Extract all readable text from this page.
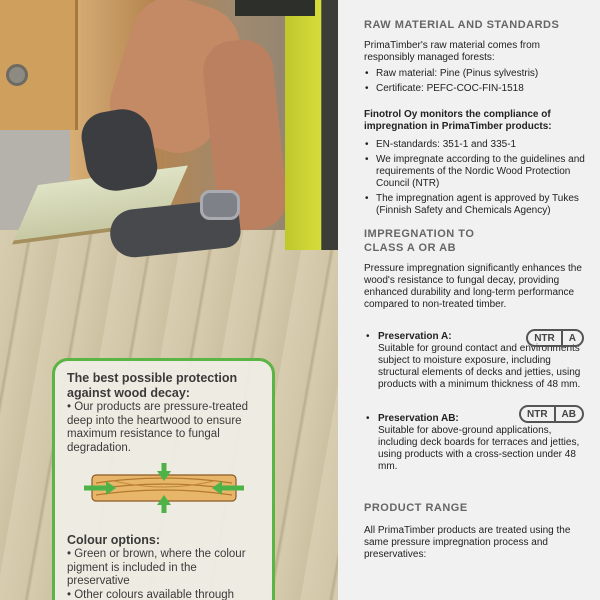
The best possible protection against wood decay:

• Our products are pressure-treated deep into the heartwood to ensure maximum resistance to fungal degradation.

Colour options:

• Green or brown, where the colour pigment is included in the preservative

• Other colours available through

RAW MATERIAL AND STANDARDS
PrimaTimber's raw material comes from responsibly managed forests:
• Raw material: Pine (Pinus sylvestris)
• Certificate: PEFC-COC-FIN-1518
Finotrol Oy monitors the compliance of impregnation in PrimaTimber products:
• EN-standards: 351-1 and 335-1
• We impregnate according to the guidelines and requirements of the Nordic Wood Protection Council (NTR)
• The impregnation agent is approved by Tukes (Finnish Safety and Chemicals Agency)
IMPREGNATION TO
CLASS A OR AB
Pressure impregnation significantly enhances the wood's resistance to fungal decay, providing enhanced durability and long-term performance compared to non-treated timber.
•	NTR	A
Preservation A:
Suitable for ground contact and environments subject to moisture exposure, including structural elements of decks and jetties, using products with a minimum thickness of 48 mm.
•	NTR	AB
Preservation AB:
Suitable for above-ground applications, including deck boards for terraces and jetties, using products with a cross-section under 48 mm.
PRODUCT RANGE
All PrimaTimber products are treated using the same pressure impregnation process and preservatives:
